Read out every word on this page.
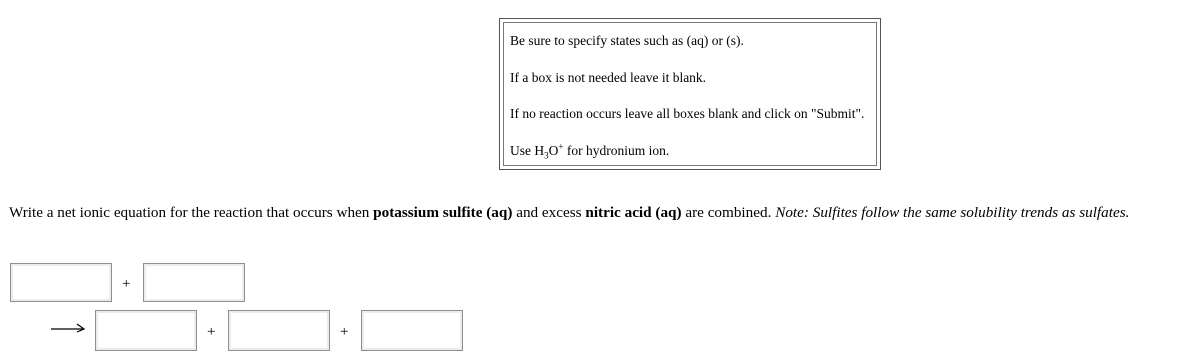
Be sure to specify states such as (aq) or (s).
If a box is not needed leave it blank.
If no reaction occurs leave all boxes blank and click on "Submit".
Use $H_3O^+$ for hydronium ion.
Write a net ionic equation for the reaction that occurs when potassium sulfite (aq) and excess nitric acid (aq) are combined. Note: Sulfites follow the same solubility trends as sulfates.
+
+	+
